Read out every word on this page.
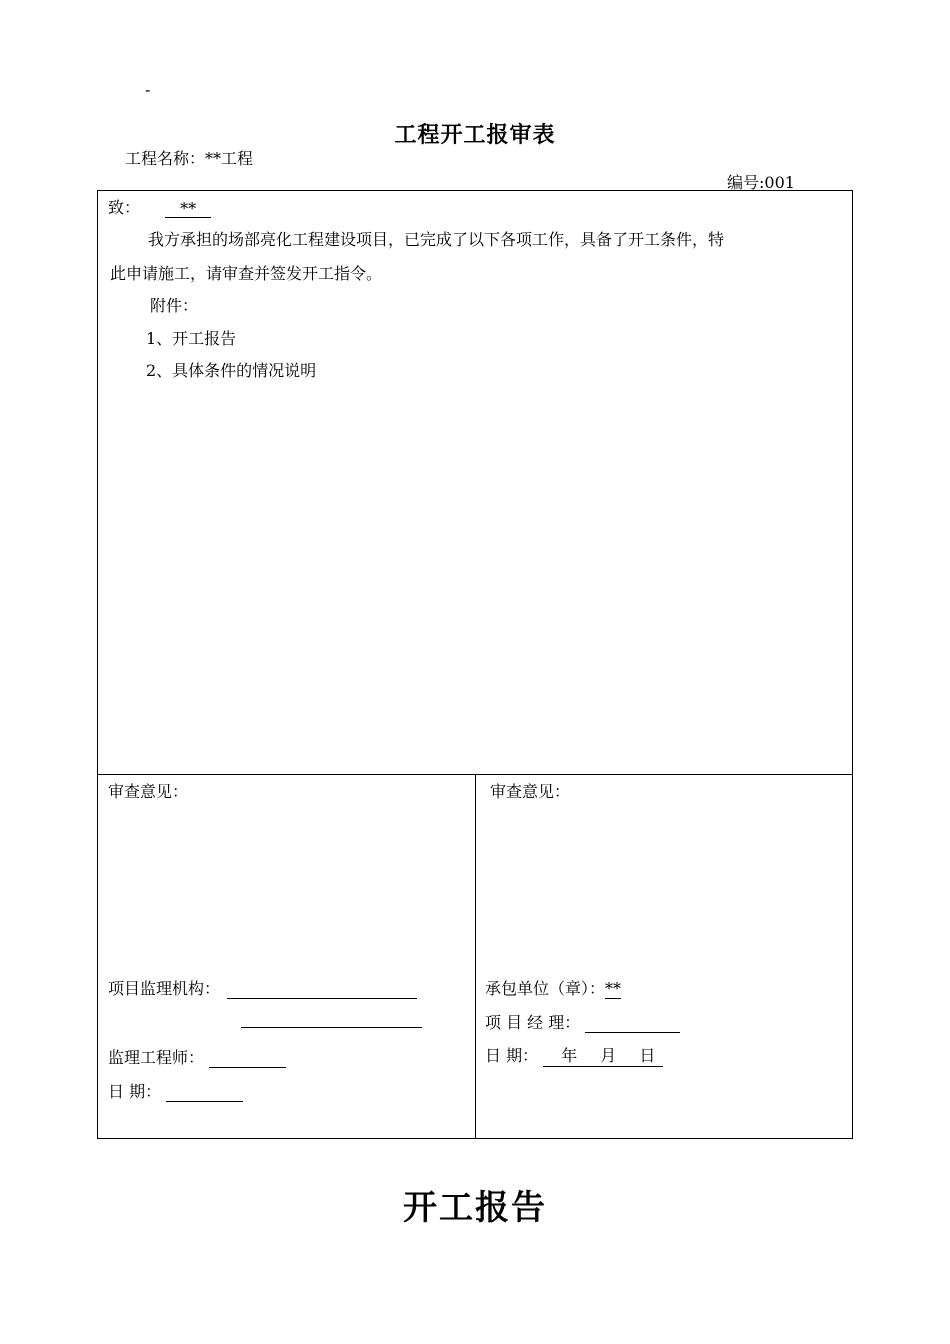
-
工程开工报审表
工程名称：**工程
编号:001
致：	**
我方承担的场部亮化工程建设项目，已完成了以下各项工作，具备了开工条件，特
此申请施工，请审查并签发开工指令。
附件：
1、开工报告
2、具体条件的情况说明
审查意见：
项目监理机构：
监理工程师：
日 期：
审查意见：
承包单位（章）：**
项 目 经 理：
日 期： 年 月 日
开工报告
